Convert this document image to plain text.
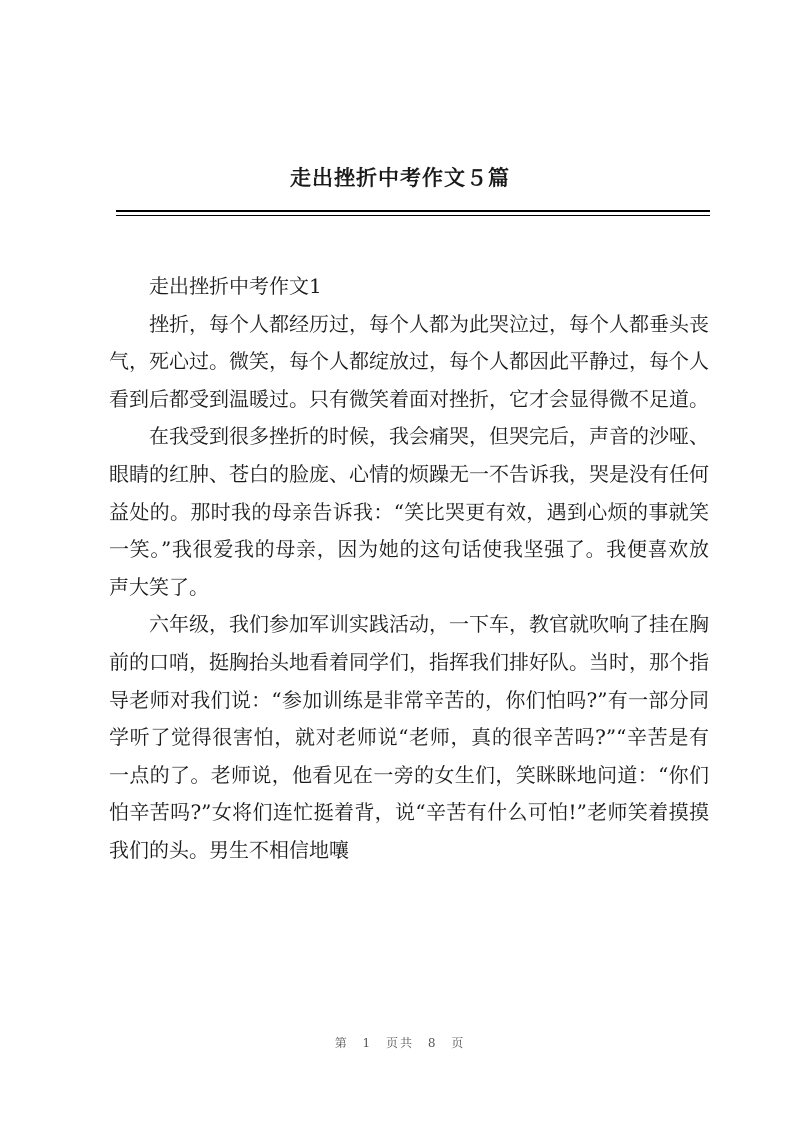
走出挫折中考作文５篇

走出挫折中考作文1

挫折，每个人都经历过，每个人都为此哭泣过，每个人都垂头丧气，死心过。微笑，每个人都绽放过，每个人都因此平静过，每个人看到后都受到温暖过。只有微笑着面对挫折，它才会显得微不足道。

在我受到很多挫折的时候，我会痛哭，但哭完后，声音的沙哑、眼睛的红肿、苍白的脸庞、心情的烦躁无一不告诉我，哭是没有任何益处的。那时我的母亲告诉我：“笑比哭更有效，遇到心烦的事就笑一笑。”我很爱我的母亲，因为她的这句话使我坚强了。我便喜欢放声大笑了。

六年级，我们参加军训实践活动，一下车，教官就吹响了挂在胸前的口哨，挺胸抬头地看着同学们，指挥我们排好队。当时，那个指导老师对我们说：“参加训练是非常辛苦的，你们怕吗?”有一部分同学听了觉得很害怕，就对老师说“老师，真的很辛苦吗?”“辛苦是有一点的了。老师说，他看见在一旁的女生们，笑眯眯地问道：“你们怕辛苦吗?”女将们连忙挺着背，说“辛苦有什么可怕!”老师笑着摸摸我们的头。男生不相信地嚷

第 1 页共 8 页
